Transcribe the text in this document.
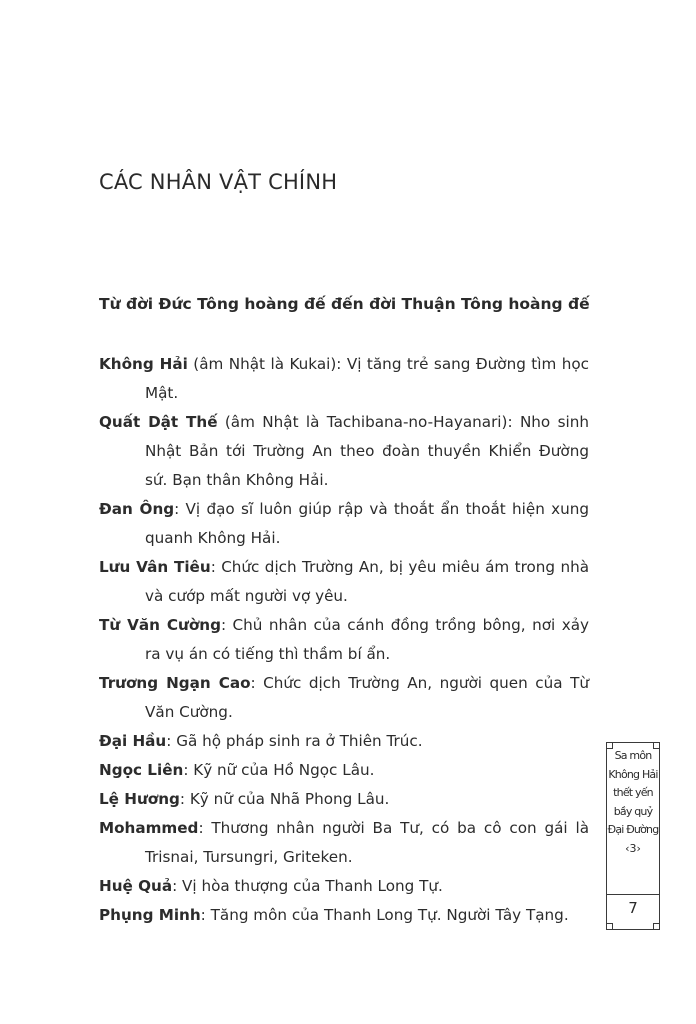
CÁC NHÂN VẬT CHÍNH
Từ đời Đức Tông hoàng đế đến đời Thuận Tông hoàng đế
Không Hải (âm Nhật là Kukai): Vị tăng trẻ sang Đường tìm học Mật.
Quất Dật Thế (âm Nhật là Tachibana-no-Hayanari): Nho sinh Nhật Bản tới Trường An theo đoàn thuyền Khiển Đường sứ. Bạn thân Không Hải.
Đan Ông: Vị đạo sĩ luôn giúp rập và thoắt ẩn thoắt hiện xung quanh Không Hải.
Lưu Vân Tiêu: Chức dịch Trường An, bị yêu miêu ám trong nhà và cướp mất người vợ yêu.
Từ Văn Cường: Chủ nhân của cánh đồng trồng bông, nơi xảy ra vụ án có tiếng thì thầm bí ẩn.
Trương Ngạn Cao: Chức dịch Trường An, người quen của Từ Văn Cường.
Đại Hầu: Gã hộ pháp sinh ra ở Thiên Trúc.
Ngọc Liên: Kỹ nữ của Hồ Ngọc Lâu.
Lệ Hương: Kỹ nữ của Nhã Phong Lâu.
Mohammed: Thương nhân người Ba Tư, có ba cô con gái là Trisnai, Tursungri, Griteken.
Huệ Quả: Vị hòa thượng của Thanh Long Tự.
Phụng Minh: Tăng môn của Thanh Long Tự. Người Tây Tạng.
Sa môn
Không Hải
thết yến
bầy quỷ
Đại Đường
‹3›
7
